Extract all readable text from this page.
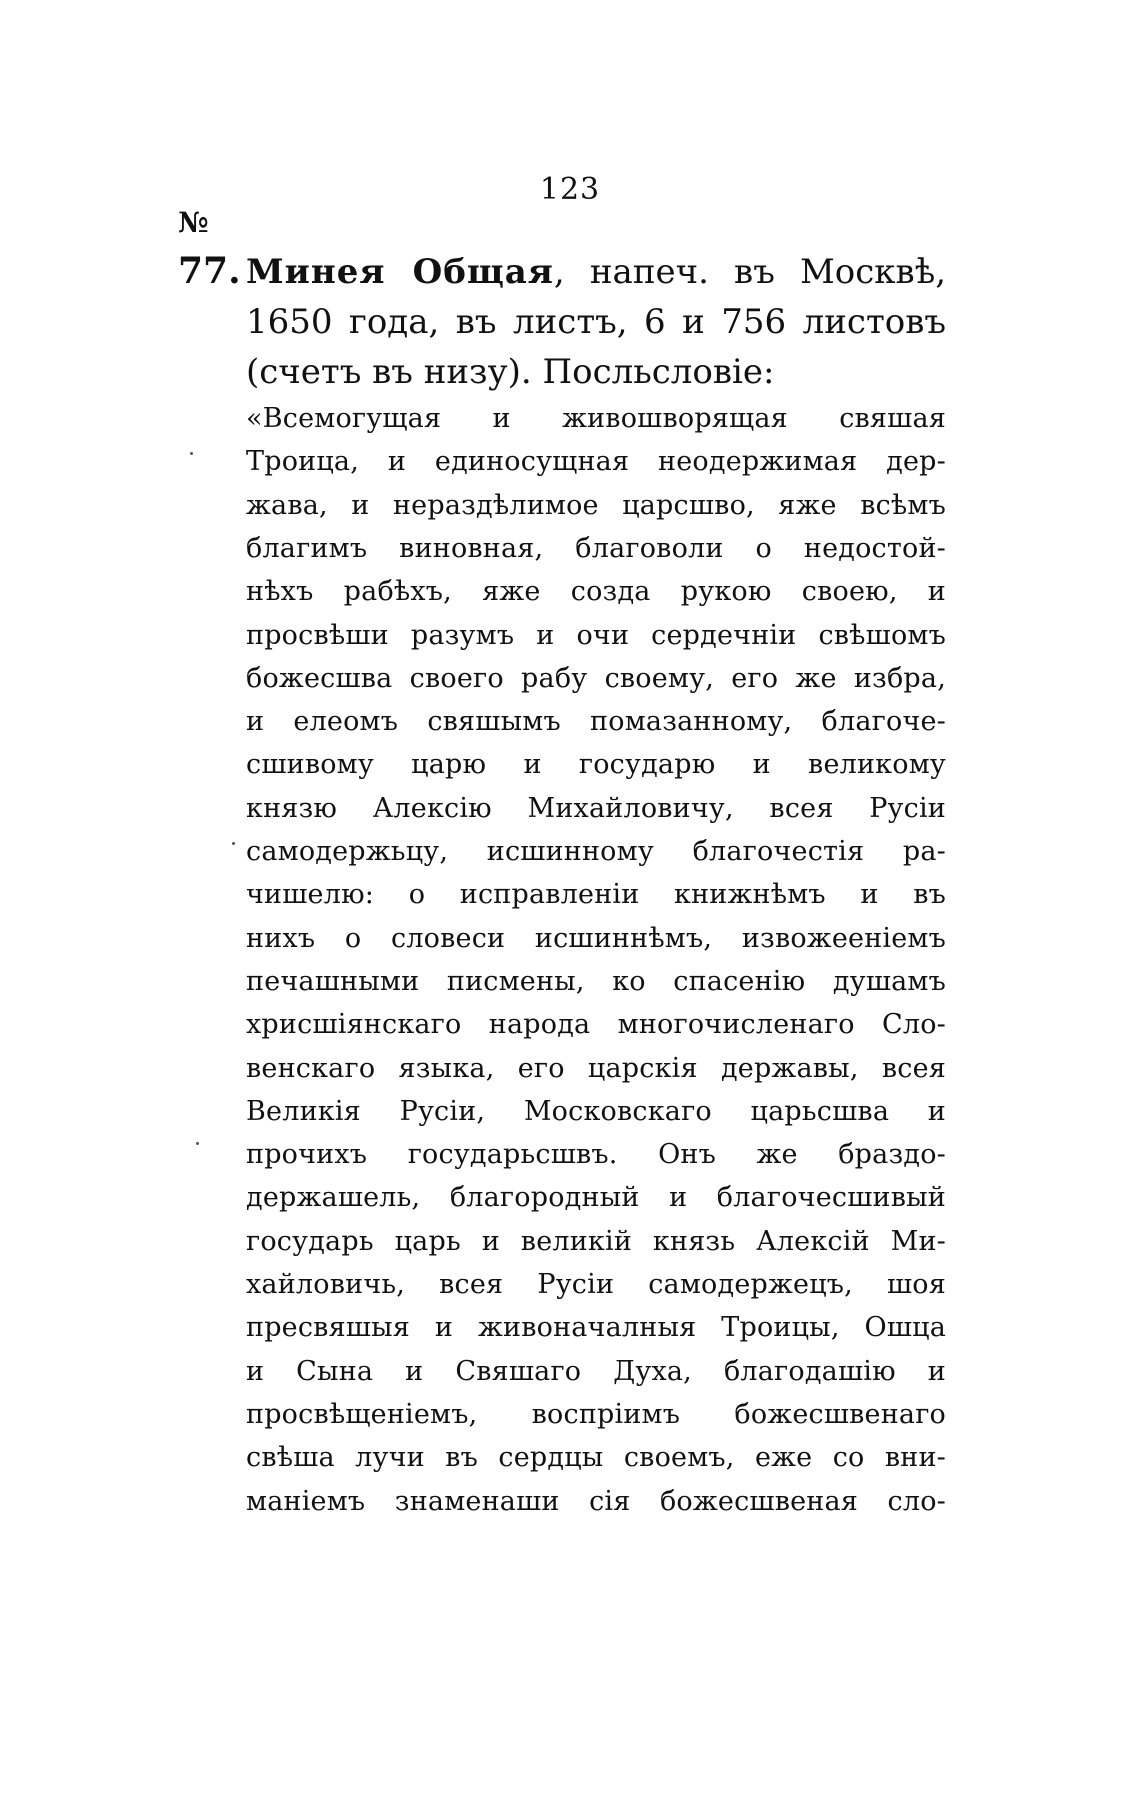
123
№
77. Минея Общая, напеч. въ Москвѣ,
1650 года, въ листъ, 6 и 756 листовъ
(счетъ въ низу). Посльсловіе:
«Всемогущая и живошворящая свяшая
Троица, и единосущная неодержимая дер-
жава, и нераздѣлимое царсшво, яже всѣмъ
благимъ виновная, благоволи о недостой-
нѣхъ рабѣхъ, яже созда рукою своею, и
просвѣши разумъ и очи сердечніи свѣшомъ
божесшва своего рабу своему, его же избра,
и елеомъ свяшымъ помазанному, благоче-
сшивому царю и государю и великому
князю Алексію Михайловичу, всея Русіи
самодержьцу, исшинному благочестія ра-
чишелю: о исправленіи книжнѣмъ и въ
нихъ о словеси исшиннѣмъ, извожееніемъ
печашными писмены, ко спасенію душамъ
хрисшіянскаго народа многочисленаго Сло-
венскаго языка, его царскія державы, всея
Великія Русіи, Московскаго царьсшва и
прочихъ государьсшвъ. Онъ же браздо-
держашель, благородный и благочесшивый
государь царь и великій князь Алексій Ми-
хайловичь, всея Русіи самодержецъ, шоя
пресвяшыя и живоначалныя Троицы, Ошца
и Сына и Свяшаго Духа, благодашію и
просвѣщеніемъ, воспріимъ божесшвенаго
свѣша лучи въ сердцы своемъ, еже со вни-
маніемъ знаменаши сія божесшвеная сло-
